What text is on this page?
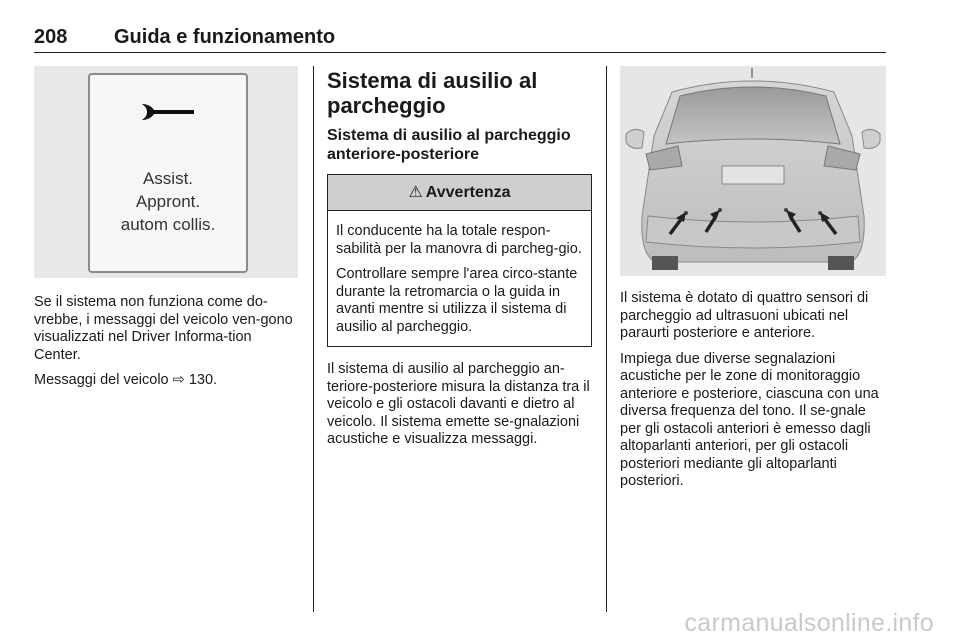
208 Guida e funzionamento
Assist.
Appront.
autom collis.

Se il sistema non funziona come do-vrebbe, i messaggi del veicolo ven-gono visualizzati nel Driver Informa-tion Center.

Messaggi del veicolo ⇨ 130.

Sistema di ausilio al parcheggio
Sistema di ausilio al parcheggio anteriore-posteriore
⚠ Avvertenza

Il conducente ha la totale respon-sabilità per la manovra di parcheg-gio.

Controllare sempre l'area circo-stante durante la retromarcia o la guida in avanti mentre si utilizza il sistema di ausilio al parcheggio.

Il sistema di ausilio al parcheggio an-teriore-posteriore misura la distanza tra il veicolo e gli ostacoli davanti e dietro al veicolo. Il sistema emette se-gnalazioni acustiche e visualizza messaggi.

Il sistema è dotato di quattro sensori di parcheggio ad ultrasuoni ubicati nel paraurti posteriore e anteriore.

Impiega due diverse segnalazioni acustiche per le zone di monitoraggio anteriore e posteriore, ciascuna con una diversa frequenza del tono. Il se-gnale per gli ostacoli anteriori è emesso dagli altoparlanti anteriori, per gli ostacoli posteriori mediante gli altoparlanti posteriori.

carmanualsonline.info
